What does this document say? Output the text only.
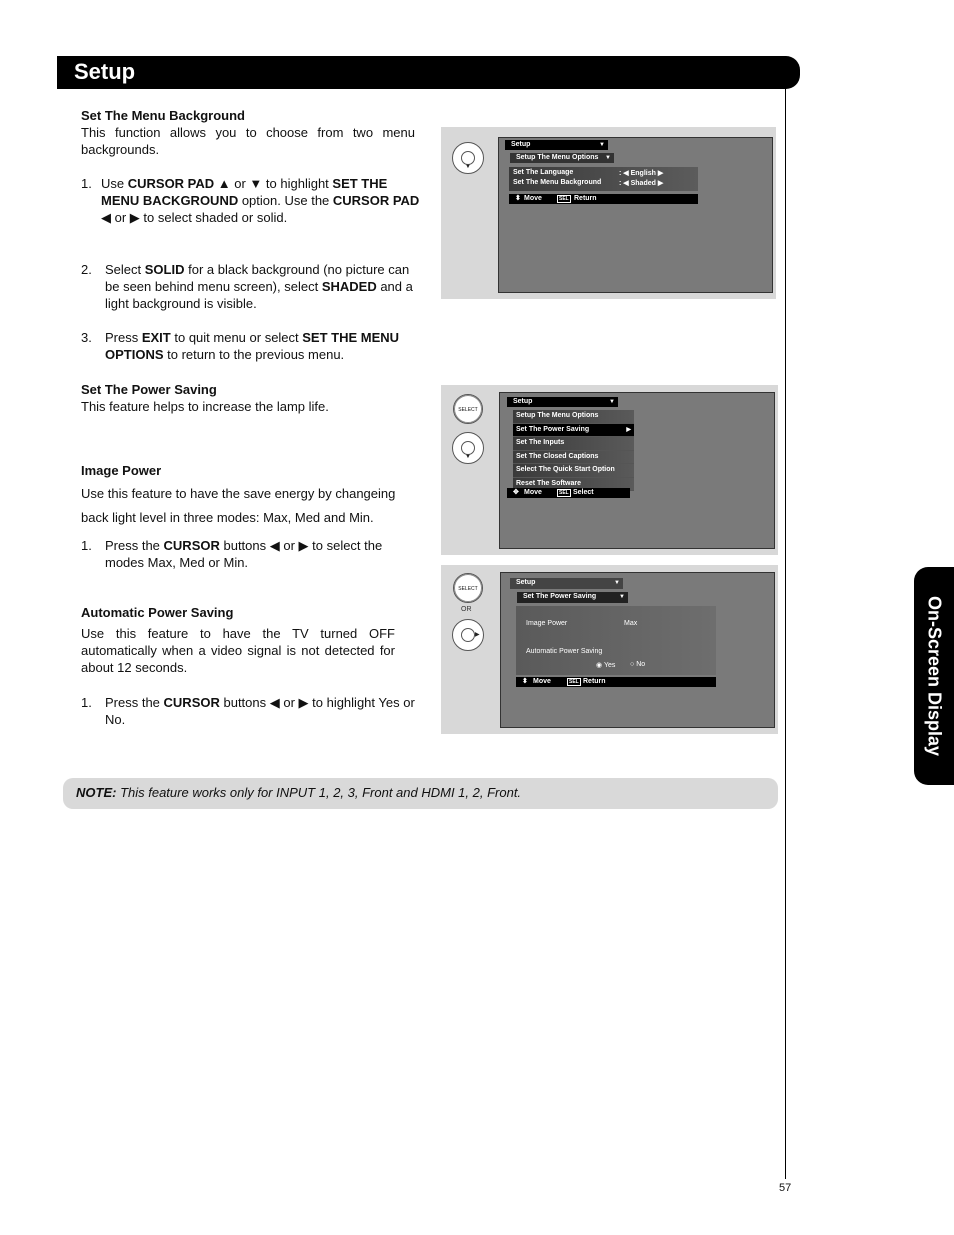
Setup
On-Screen Display
Set The Menu Background
This function allows you to choose from two menu backgrounds.
1. Use CURSOR PAD ▲ or ▼ to highlight SET THE MENU BACKGROUND option. Use the CURSOR PAD ◀ or ▶ to select shaded or solid.
2. Select SOLID for a black background (no picture can be seen behind menu screen), select SHADED and a light background is visible.
3. Press EXIT to quit menu or select SET THE MENU OPTIONS to return to the previous menu.
Set The Power Saving
This feature helps to increase the lamp life.
Image Power
Use this feature to have the save energy by changeing
back light level in three modes: Max, Med and Min.
1. Press the CURSOR buttons ◀ or ▶ to select the modes Max, Med or Min.
Automatic Power Saving
Use this feature to have the TV turned OFF automatically when a video signal is not detected for about 12 seconds.
1. Press the CURSOR buttons ◀ or ▶ to highlight Yes or No.
▼
Setup	▼
Setup The Menu Options ▼
Set The Language	: ◀ English ▶
Set The Menu Background	: ◀ Shaded ▶
⬍ Move	SEL Return
SELECT
▼
Setup	▼
Setup The Menu Options
Set The Power Saving	▶
Set The Inputs
Set The Closed Captions
Select The Quick Start Option
Reset The Software
✥ Move	SEL Select
SELECT
OR
▶
Setup	▼
Set The Power Saving	▼
Image Power	Max
Automatic Power Saving
◉ Yes ○ No
⬍ Move	SEL Return
NOTE: This feature works only for INPUT 1, 2, 3, Front and HDMI 1, 2, Front.
57
